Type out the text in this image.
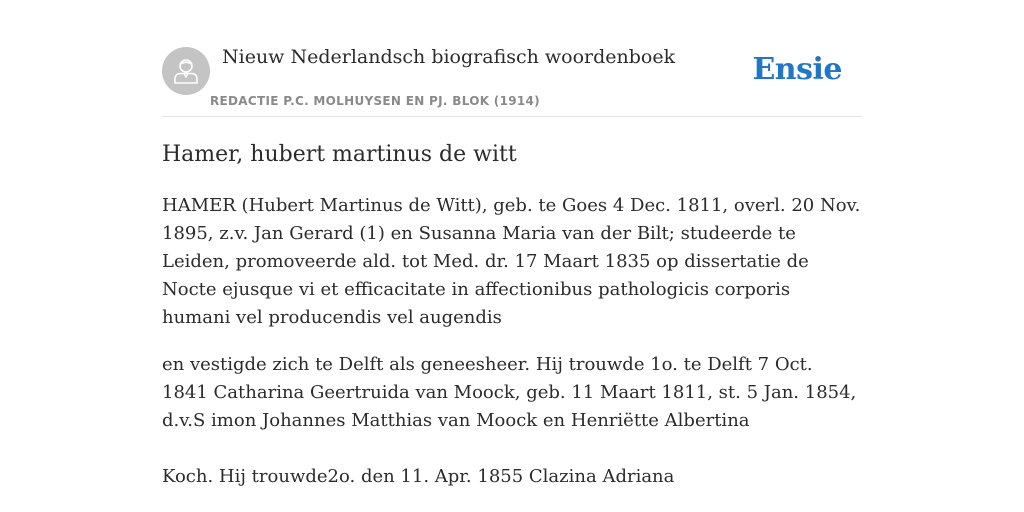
Nieuw Nederlandsch biografisch woordenboek
REDACTIE P.C. MOLHUYSEN EN PJ. BLOK (1914)
Ensie
Hamer, hubert martinus de witt

HAMER (Hubert Martinus de Witt), geb. te Goes 4 Dec. 1811, overl. 20 Nov. 1895, z.v. Jan Gerard (1) en Susanna Maria van der Bilt; studeerde te Leiden, promoveerde ald. tot Med. dr. 17 Maart 1835 op dissertatie de Nocte ejusque vi et efficacitate in affectionibus pathologicis corporis humani vel producendis vel augendis

en vestigde zich te Delft als geneesheer. Hij trouwde 1o. te Delft 7 Oct. 1841 Catharina Geertruida van Moock, geb. 11 Maart 1811, st. 5 Jan. 1854, d.v.S imon Johannes Matthias van Moock en Henriëtte Albertina

Koch. Hij trouwde2o. den 11. Apr. 1855 Clazina Adriana
